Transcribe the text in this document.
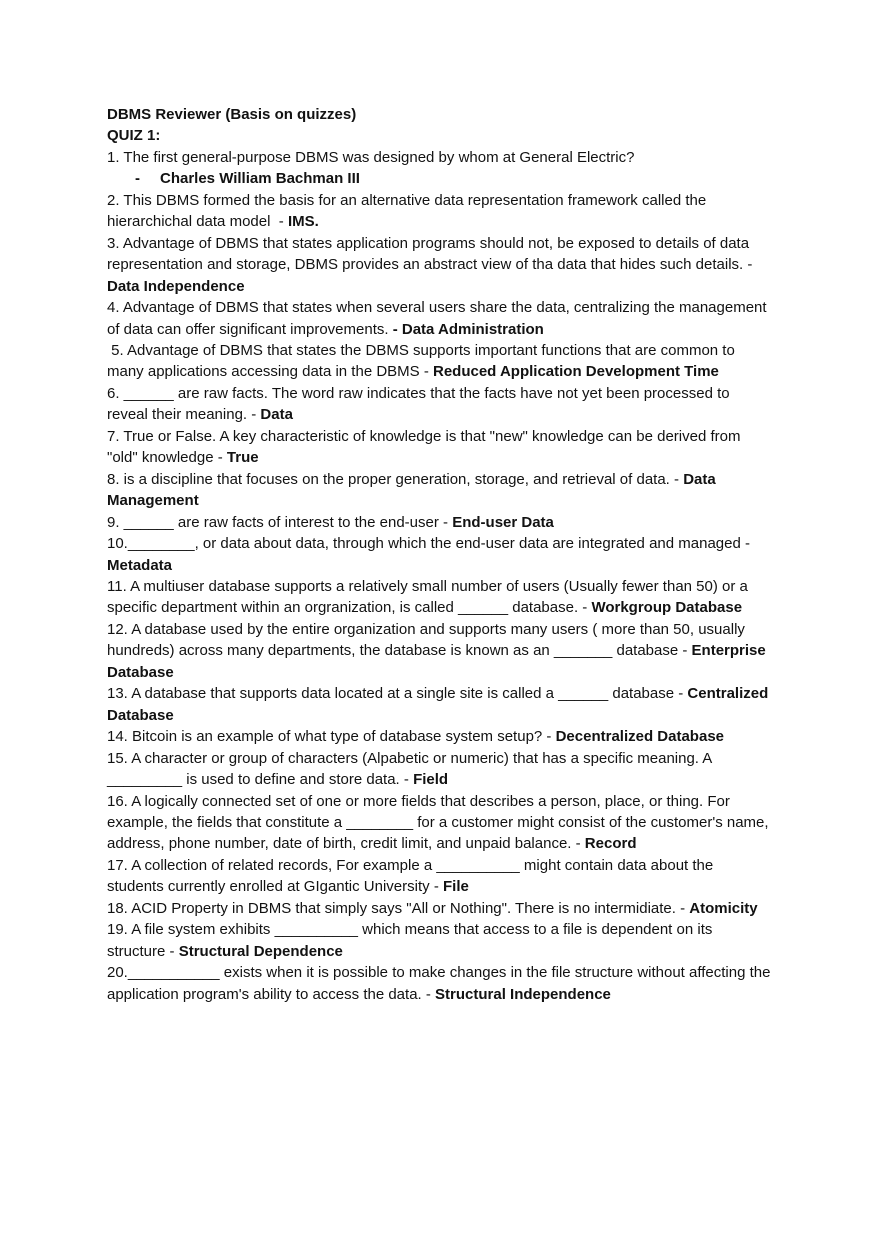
DBMS Reviewer (Basis on quizzes)

QUIZ 1:

1. The first general-purpose DBMS was designed by whom at General Electric?

- Charles William Bachman III

2. This DBMS formed the basis for an alternative data representation framework called the hierarchichal data model  - IMS.

3. Advantage of DBMS that states application programs should not, be exposed to details of data representation and storage, DBMS provides an abstract view of tha data that hides such details. - Data Independence

4. Advantage of DBMS that states when several users share the data, centralizing the management of data can offer significant improvements. - Data Administration

5. Advantage of DBMS that states the DBMS supports important functions that are common to many applications accessing data in the DBMS - Reduced Application Development Time

6. ______ are raw facts. The word raw indicates that the facts have not yet been processed to reveal their meaning. - Data

7. True or False. A key characteristic of knowledge is that "new" knowledge can be derived from "old" knowledge - True

8. is a discipline that focuses on the proper generation, storage, and retrieval of data. - Data Management

9. ______ are raw facts of interest to the end-user - End-user Data

10.________, or data about data, through which the end-user data are integrated and managed - Metadata

11. A multiuser database supports a relatively small number of users (Usually fewer than 50) or a specific department within an orgranization, is called ______ database. - Workgroup Database

12. A database used by the entire organization and supports many users ( more than 50, usually hundreds) across many departments, the database is known as an _______ database - Enterprise Database

13. A database that supports data located at a single site is called a ______ database - Centralized Database

14. Bitcoin is an example of what type of database system setup? - Decentralized Database

15. A character or group of characters (Alpabetic or numeric) that has a specific meaning. A _________ is used to define and store data. - Field

16. A logically connected set of one or more fields that describes a person, place, or thing. For example, the fields that constitute a ________ for a customer might consist of the customer's name, address, phone number, date of birth, credit limit, and unpaid balance. - Record

17. A collection of related records, For example a __________ might contain data about the students currently enrolled at GIgantic University - File

18. ACID Property in DBMS that simply says "All or Nothing". There is no intermidiate. - Atomicity

19. A file system exhibits __________ which means that access to a file is dependent on its structure - Structural Dependence

20.___________ exists when it is possible to make changes in the file structure without affecting the application program's ability to access the data. - Structural Independence
